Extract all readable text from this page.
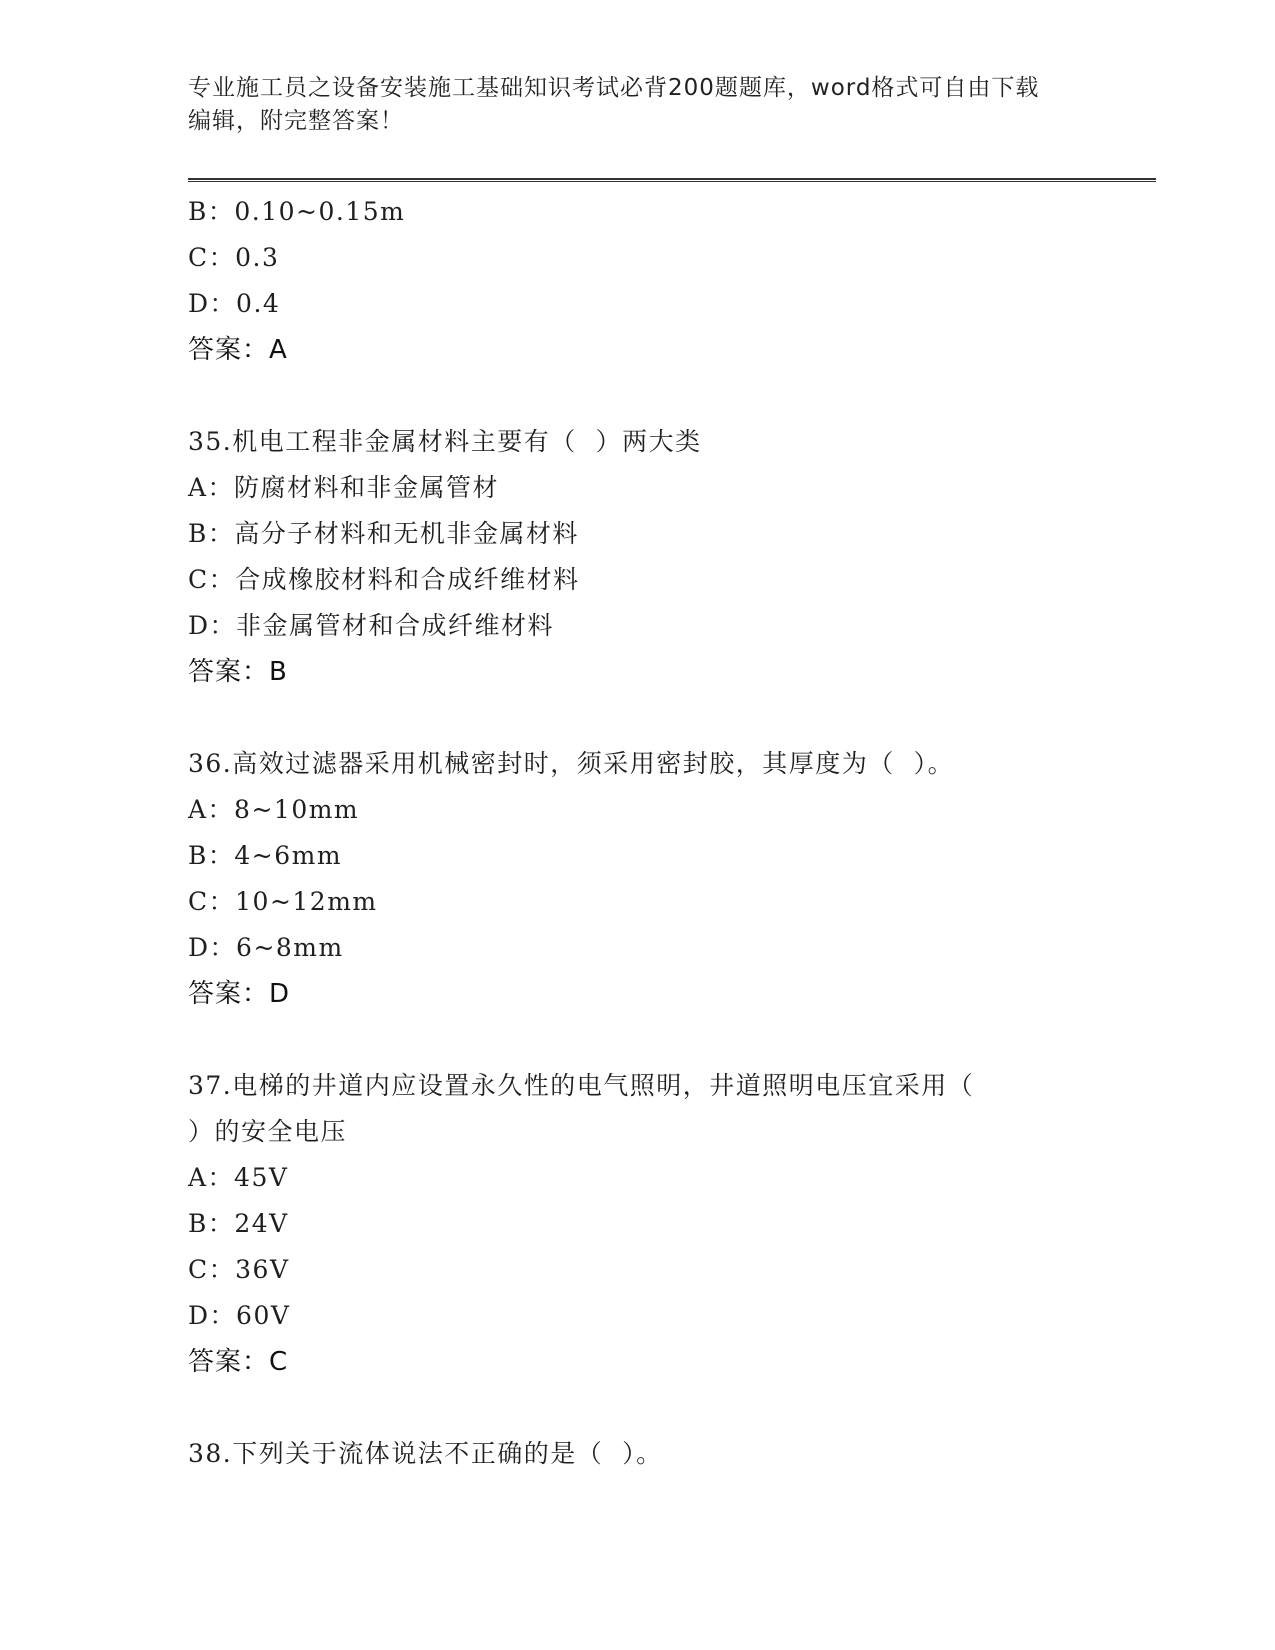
专业施工员之设备安装施工基础知识考试必背200题题库，word格式可自由下载
编辑，附完整答案！
B：0.10~0.15m
C：0.3
D：0.4
答案：A
35.机电工程非金属材料主要有（  ）两大类
A：防腐材料和非金属管材
B：高分子材料和无机非金属材料
C：合成橡胶材料和合成纤维材料
D：非金属管材和合成纤维材料
答案：B
36.高效过滤器采用机械密封时，须采用密封胶，其厚度为（  ）。
A：8~10mm
B：4~6mm
C：10~12mm
D：6~8mm
答案：D
37.电梯的井道内应设置永久性的电气照明，井道照明电压宜采用（
）的安全电压
A：45V
B：24V
C：36V
D：60V
答案：C
38.下列关于流体说法不正确的是（  ）。
